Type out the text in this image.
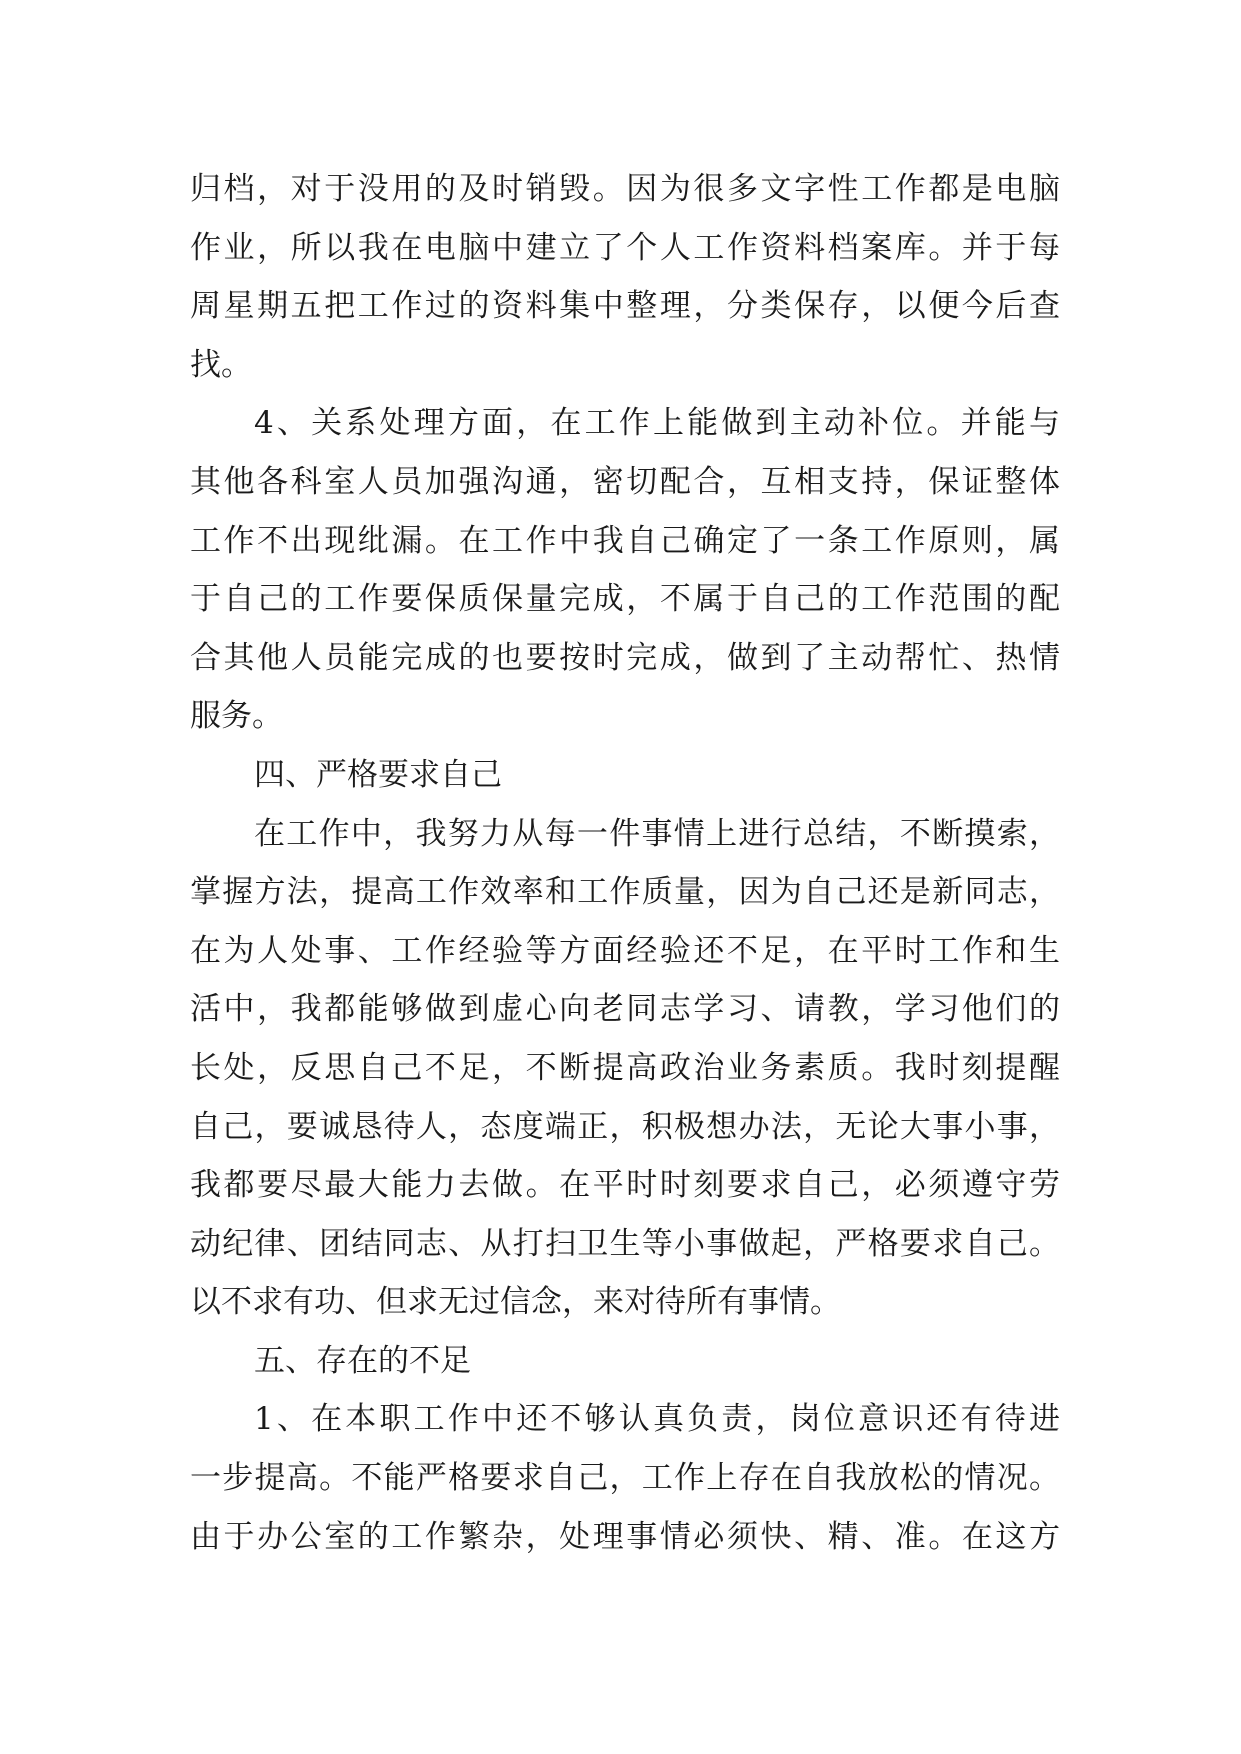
归档，对于没用的及时销毁。因为很多文字性工作都是电脑
作业，所以我在电脑中建立了个人工作资料档案库。并于每
周星期五把工作过的资料集中整理，分类保存，以便今后查
找。
4、关系处理方面，在工作上能做到主动补位。并能与
其他各科室人员加强沟通，密切配合，互相支持，保证整体
工作不出现纰漏。在工作中我自己确定了一条工作原则，属
于自己的工作要保质保量完成，不属于自己的工作范围的配
合其他人员能完成的也要按时完成，做到了主动帮忙、热情
服务。
四、严格要求自己
在工作中，我努力从每一件事情上进行总结，不断摸索，
掌握方法，提高工作效率和工作质量，因为自己还是新同志，
在为人处事、工作经验等方面经验还不足，在平时工作和生
活中，我都能够做到虚心向老同志学习、请教，学习他们的
长处，反思自己不足，不断提高政治业务素质。我时刻提醒
自己，要诚恳待人，态度端正，积极想办法，无论大事小事，
我都要尽最大能力去做。在平时时刻要求自己，必须遵守劳
动纪律、团结同志、从打扫卫生等小事做起，严格要求自己。
以不求有功、但求无过信念，来对待所有事情。
五、存在的不足
1、在本职工作中还不够认真负责，岗位意识还有待进
一步提高。不能严格要求自己，工作上存在自我放松的情况。
由于办公室的工作繁杂，处理事情必须快、精、准。在这方
